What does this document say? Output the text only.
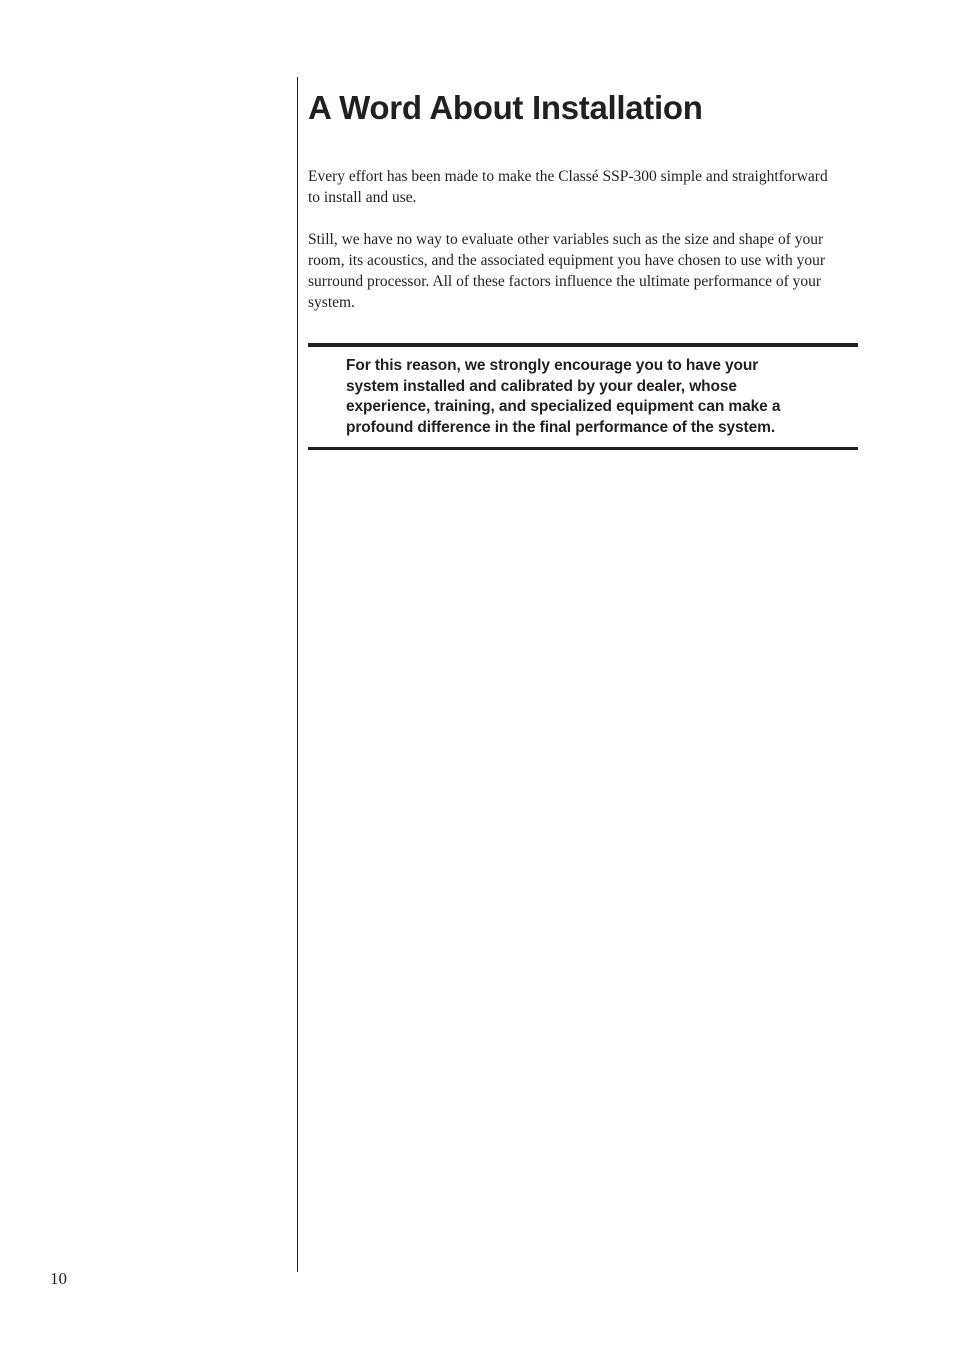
A Word About Installation

Every effort has been made to make the Classé SSP-300 simple and straightforward to install and use.

Still, we have no way to evaluate other variables such as the size and shape of your room, its acoustics, and the associated equipment you have chosen to use with your surround processor. All of these factors influence the ultimate performance of your system.

For this reason, we strongly encourage you to have your system installed and calibrated by your dealer, whose experience, training, and specialized equipment can make a profound difference in the final performance of the system.

10
